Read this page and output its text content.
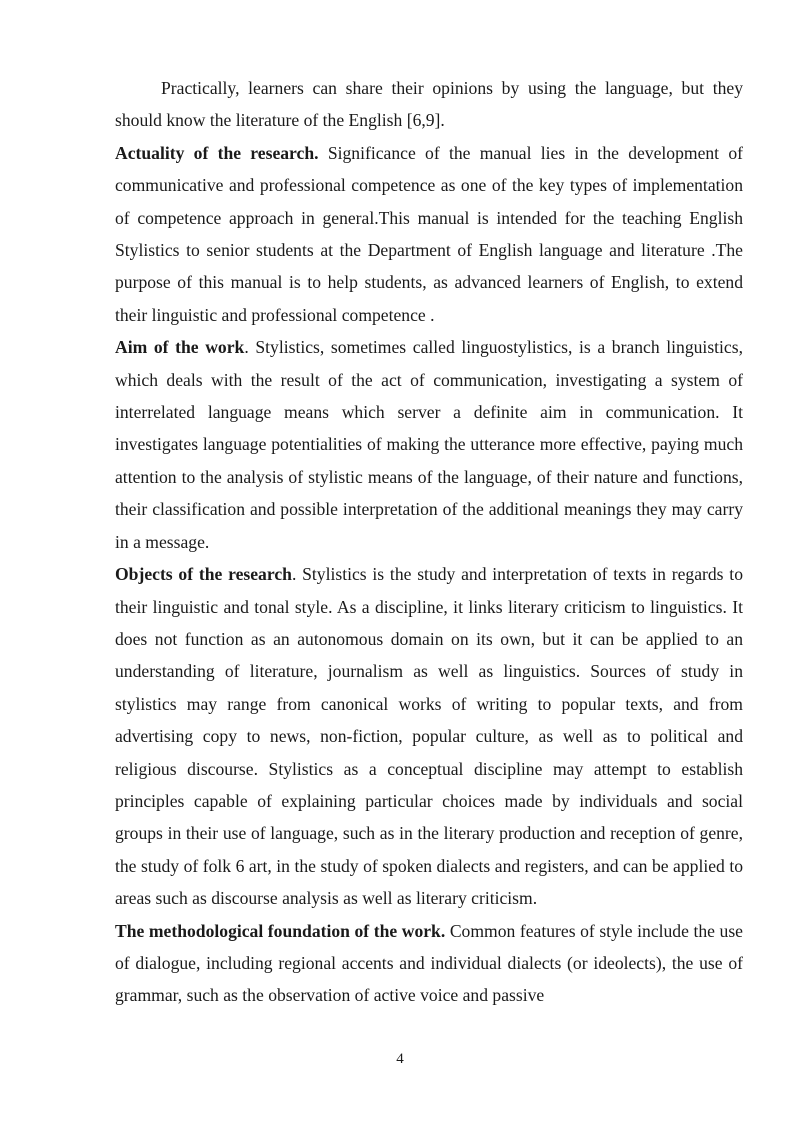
Practically, learners can share their opinions by using the language, but they should know the literature of the English [6,9].

Actuality of the research. Significance of the manual lies in the development of communicative and professional competence as one of the key types of implementation of competence approach in general.This manual is intended for the teaching English Stylistics to senior students at the Department of English language and literature .The purpose of this manual is to help students, as advanced learners of English, to extend their linguistic and professional competence .

Aim of the work. Stylistics, sometimes called linguostylistics, is a branch linguistics, which deals with the result of the act of communication, investigating a system of interrelated language means which server a definite aim in communication. It investigates language potentialities of making the utterance more effective, paying much attention to the analysis of stylistic means of the language, of their nature and functions, their classification and possible interpretation of the additional meanings they may carry in a message.

Objects of the research. Stylistics is the study and interpretation of texts in regards to their linguistic and tonal style. As a discipline, it links literary criticism to linguistics. It does not function as an autonomous domain on its own, but it can be applied to an understanding of literature, journalism as well as linguistics. Sources of study in stylistics may range from canonical works of writing to popular texts, and from advertising copy to news, non-fiction, popular culture, as well as to political and religious discourse. Stylistics as a conceptual discipline may attempt to establish principles capable of explaining particular choices made by individuals and social groups in their use of language, such as in the literary production and reception of genre, the study of folk 6 art, in the study of spoken dialects and registers, and can be applied to areas such as discourse analysis as well as literary criticism.

The methodological foundation of the work. Common features of style include the use of dialogue, including regional accents and individual dialects (or ideolects), the use of grammar, such as the observation of active voice and passive

4
